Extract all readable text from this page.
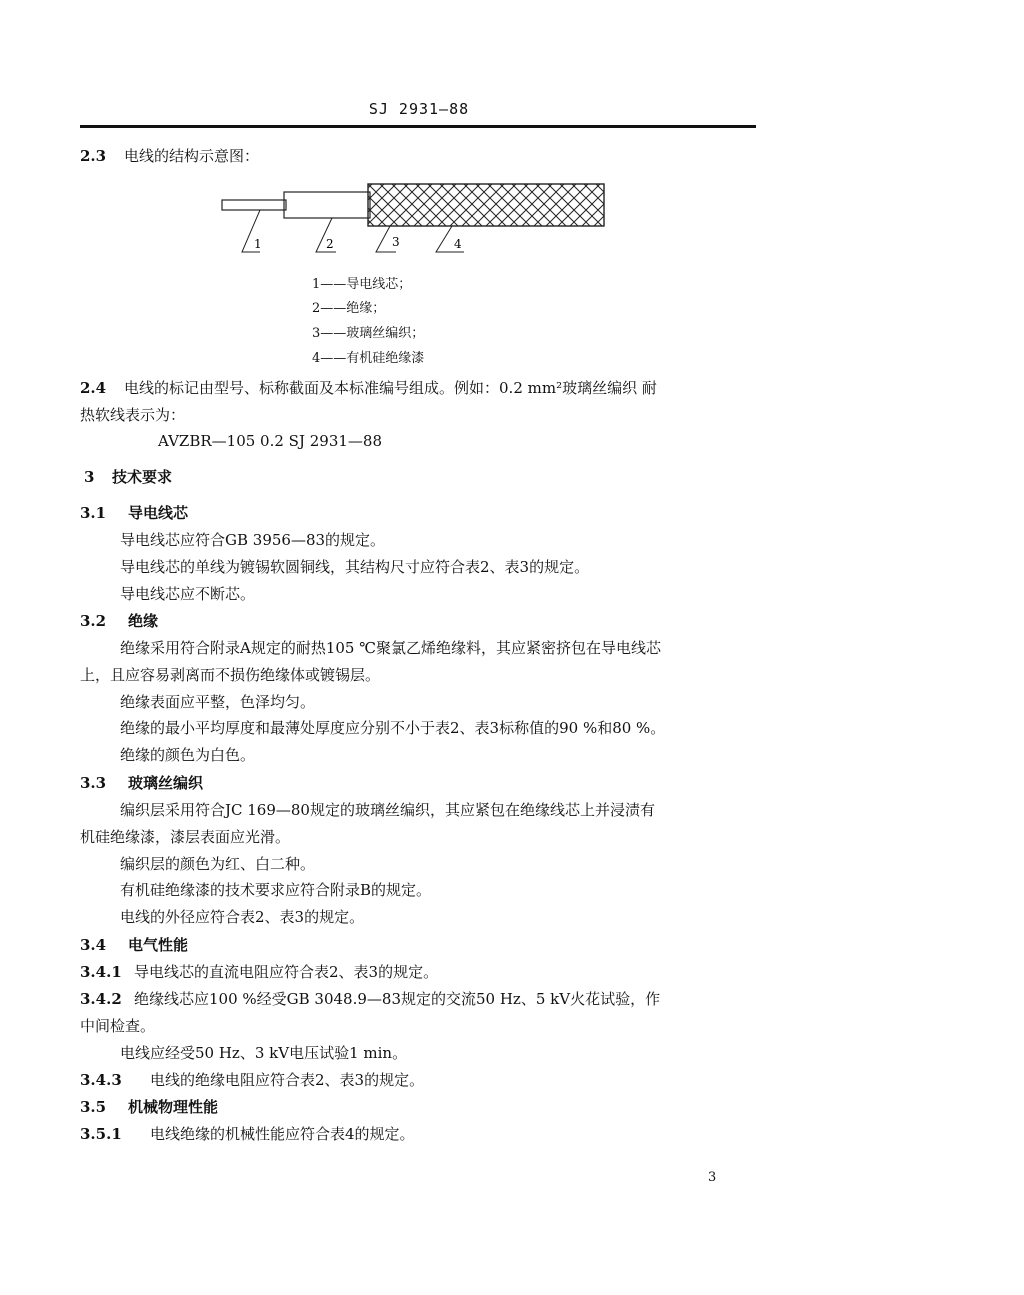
SJ 2931—88
2.3 电线的结构示意图：
1	2	3	4
1——导电线芯；
2——绝缘；
3——玻璃丝编织；
4——有机硅绝缘漆
2.4 电线的标记由型号、标称截面及本标准编号组成。例如：0.2 mm²玻璃丝编织 耐
热软线表示为：
AVZBR—105 0.2 SJ 2931—88
3 技术要求
3.1 导电线芯
导电线芯应符合GB 3956—83的规定。
导电线芯的单线为镀锡软圆铜线，其结构尺寸应符合表2、表3的规定。
导电线芯应不断芯。
3.2 绝缘
绝缘采用符合附录A规定的耐热105 ℃聚氯乙烯绝缘料，其应紧密挤包在导电线芯
上，且应容易剥离而不损伤绝缘体或镀锡层。
绝缘表面应平整，色泽均匀。
绝缘的最小平均厚度和最薄处厚度应分别不小于表2、表3标称值的90 %和80 %。
绝缘的颜色为白色。
3.3 玻璃丝编织
编织层采用符合JC 169—80规定的玻璃丝编织，其应紧包在绝缘线芯上并浸渍有
机硅绝缘漆，漆层表面应光滑。
编织层的颜色为红、白二种。
有机硅绝缘漆的技术要求应符合附录B的规定。
电线的外径应符合表2、表3的规定。
3.4 电气性能
3.4.1 导电线芯的直流电阻应符合表2、表3的规定。
3.4.2 绝缘线芯应100 %经受GB 3048.9—83规定的交流50 Hz、5 kV火花试验，作
中间检查。
电线应经受50 Hz、3 kV电压试验1 min。
3.4.3 电线的绝缘电阻应符合表2、表3的规定。
3.5 机械物理性能
3.5.1 电线绝缘的机械性能应符合表4的规定。
3
